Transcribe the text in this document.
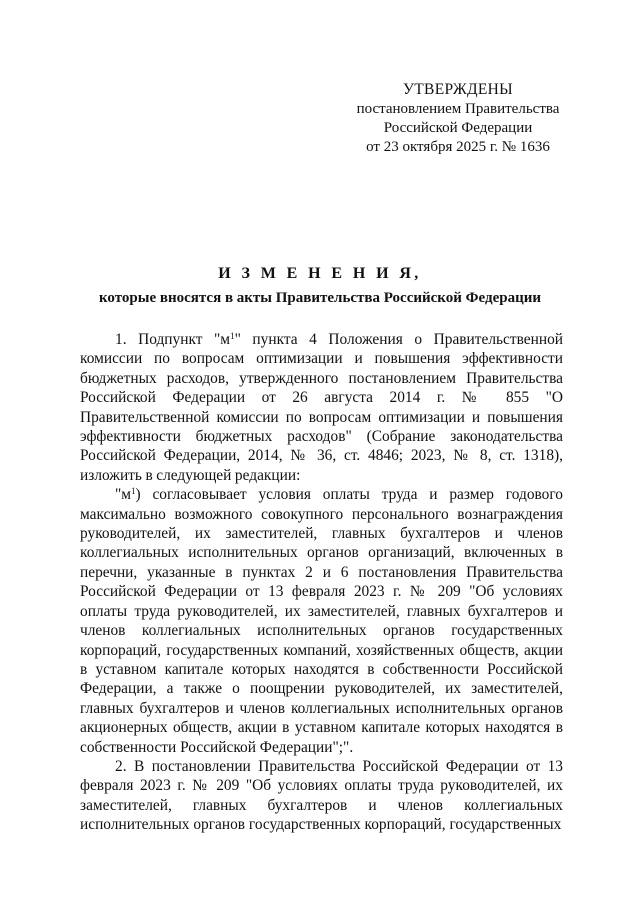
УТВЕРЖДЕНЫ
постановлением Правительства
Российской Федерации
от 23 октября 2025 г. № 1636
И З М Е Н Е Н И Я,
которые вносятся в акты Правительства Российской Федерации

1. Подпункт "$м^1$" пункта 4 Положения о Правительственной комиссии по вопросам оптимизации и повышения эффективности бюджетных расходов, утвержденного постановлением Правительства Российской Федерации от 26 августа 2014 г. № 855 "О Правительственной комиссии по вопросам оптимизации и повышения эффективности бюджетных расходов" (Собрание законодательства Российской Федерации, 2014, № 36, ст. 4846; 2023, № 8, ст. 1318), изложить в следующей редакции:

"$м^1$) согласовывает условия оплаты труда и размер годового максимально возможного совокупного персонального вознаграждения руководителей, их заместителей, главных бухгалтеров и членов коллегиальных исполнительных органов организаций, включенных в перечни, указанные в пунктах 2 и 6 постановления Правительства Российской Федерации от 13 февраля 2023 г. № 209 "Об условиях оплаты труда руководителей, их заместителей, главных бухгалтеров и членов коллегиальных исполнительных органов государственных корпораций, государственных компаний, хозяйственных обществ, акции в уставном капитале которых находятся в собственности Российской Федерации, а также о поощрении руководителей, их заместителей, главных бухгалтеров и членов коллегиальных исполнительных органов акционерных обществ, акции в уставном капитале которых находятся в собственности Российской Федерации";".

2. В постановлении Правительства Российской Федерации от 13 февраля 2023 г. № 209 "Об условиях оплаты труда руководителей, их заместителей, главных бухгалтеров и членов коллегиальных исполнительных органов государственных корпораций, государственных
